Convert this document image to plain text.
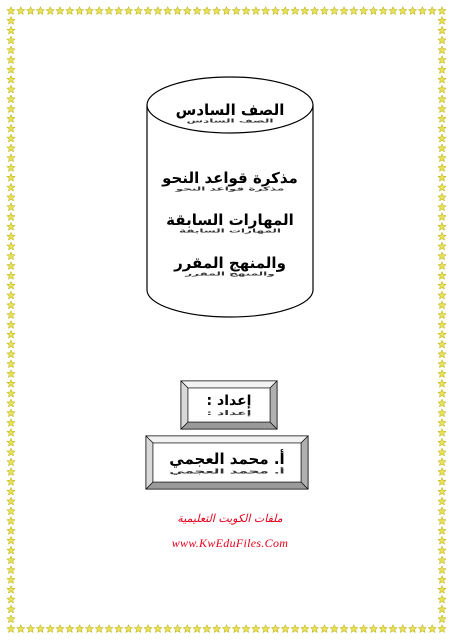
الصف السادس
الصف السادس
مذكرة قواعد النحو
مذكرة قواعد النحو
المهارات السابقة
المهارات السابقة
والمنهج المقرر
والمنهج المقرر
إعداد :
إعداد :
أ. محمد العجمي
أ. محمد العجمي
ملفات الكويت التعليمية
www.KwEduFiles.Com
